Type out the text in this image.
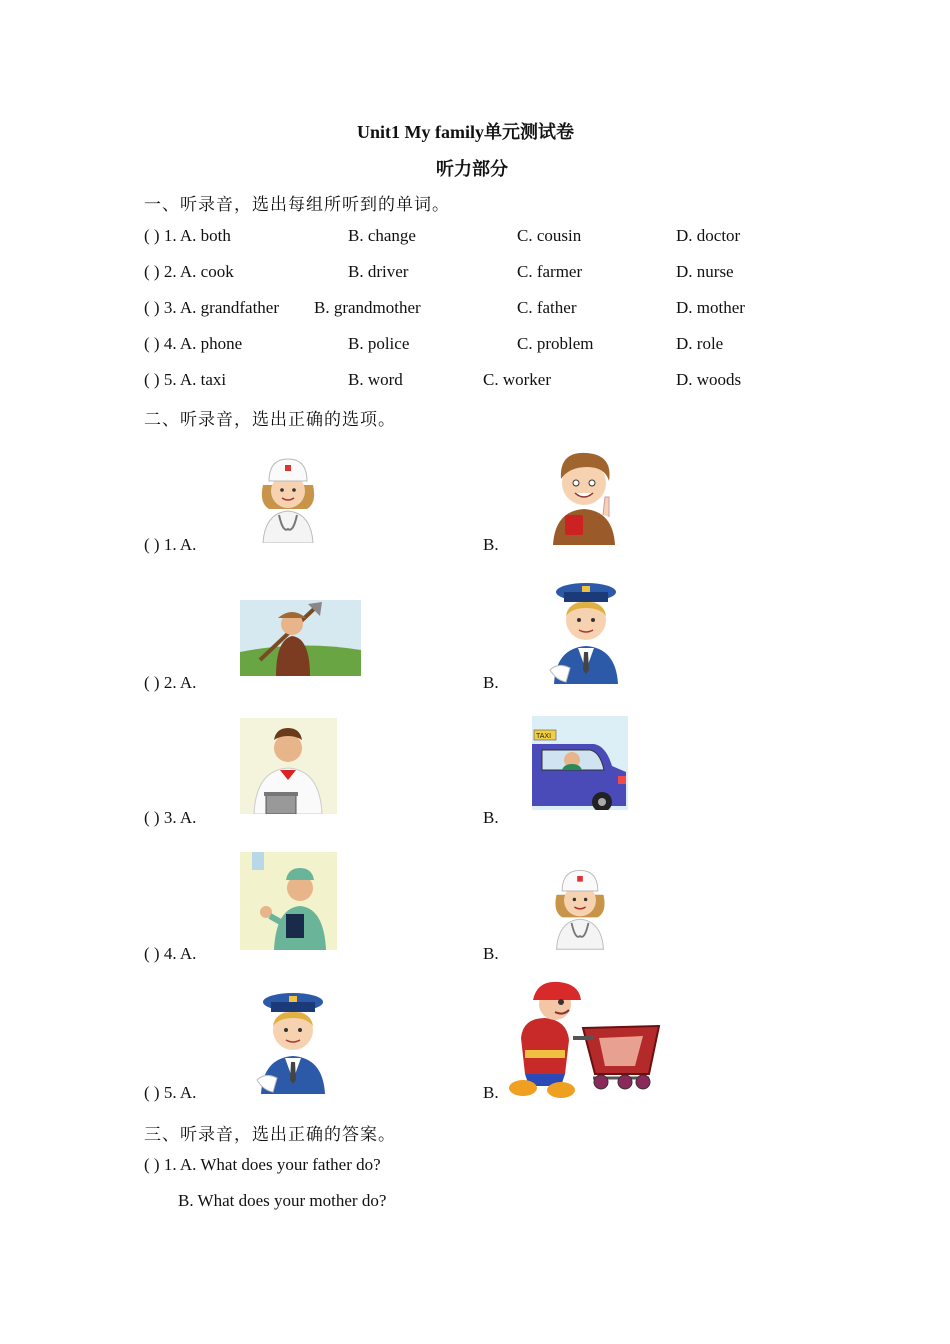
Unit1 My family单元测试卷
听力部分
一、听录音，选出每组所听到的单词。
( ) 1. A. both	B. change	C. cousin	D. doctor
( ) 2. A. cook	B. driver	C. farmer	D. nurse
( ) 3. A. grandfather B. grandmother	C. father	D. mother
( ) 4. A. phone	B. police	C. problem	D. role
( ) 5. A. taxi	B. word	C. worker	D. woods
二、听录音，选出正确的选项。
( ) 1. A.	B.
( ) 2. A.	B.
( ) 3. A.	B.
TAXI
( ) 4. A.	B.
( ) 5. A.	B.
三、听录音，选出正确的答案。
( ) 1. A. What does your father do?
B. What does your mother do?
